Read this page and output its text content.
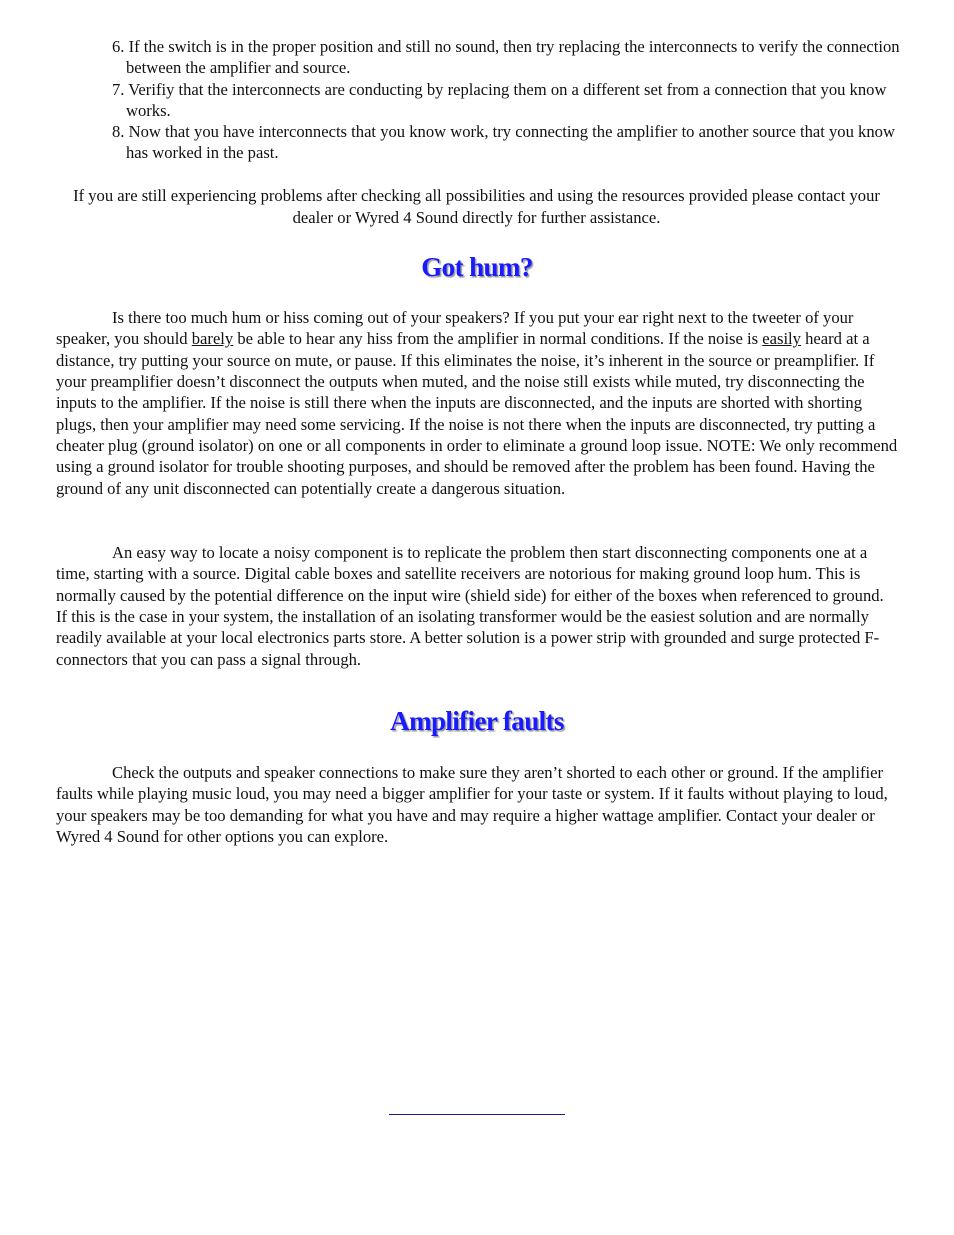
6. If the switch is in the proper position and still no sound, then try replacing the interconnects to verify the connection between the amplifier and source.
7. Verifiy that the interconnects are conducting by replacing them on a different set from a connection that you know works.
8. Now that you have interconnects that you know work, try connecting the amplifier to another source that you know has worked in the past.

If you are still experiencing problems after checking all possibilities and using the resources provided please contact your dealer or Wyred 4 Sound directly for further assistance.

Got hum?

Is there too much hum or hiss coming out of your speakers? If you put your ear right next to the tweeter of your speaker, you should barely be able to hear any hiss from the amplifier in normal conditions. If the noise is easily heard at a distance, try putting your source on mute, or pause. If this eliminates the noise, it’s inherent in the source or preamplifier. If your preamplifier doesn’t disconnect the outputs when muted, and the noise still exists while muted, try disconnecting the inputs to the amplifier. If the noise is still there when the inputs are disconnected, and the inputs are shorted with shorting plugs, then your amplifier may need some servicing. If the noise is not there when the inputs are disconnected, try putting a cheater plug (ground isolator) on one or all components in order to eliminate a ground loop issue. NOTE: We only recommend using a ground isolator for trouble shooting purposes, and should be removed after the problem has been found. Having the ground of any unit disconnected can potentially create a dangerous situation.

An easy way to locate a noisy component is to replicate the problem then start disconnecting components one at a time, starting with a source. Digital cable boxes and satellite receivers are notorious for making ground loop hum. This is normally caused by the potential difference on the input wire (shield side) for either of the boxes when referenced to ground. If this is the case in your system, the installation of an isolating transformer would be the easiest solution and are normally readily available at your local electronics parts store. A better solution is a power strip with grounded and surge protected F-connectors that you can pass a signal through.

Amplifier faults

Check the outputs and speaker connections to make sure they aren’t shorted to each other or ground. If the amplifier faults while playing music loud, you may need a bigger amplifier for your taste or system. If it faults without playing to loud, your speakers may be too demanding for what you have and may require a higher wattage amplifier. Contact your dealer or Wyred 4 Sound for other options you can explore.
